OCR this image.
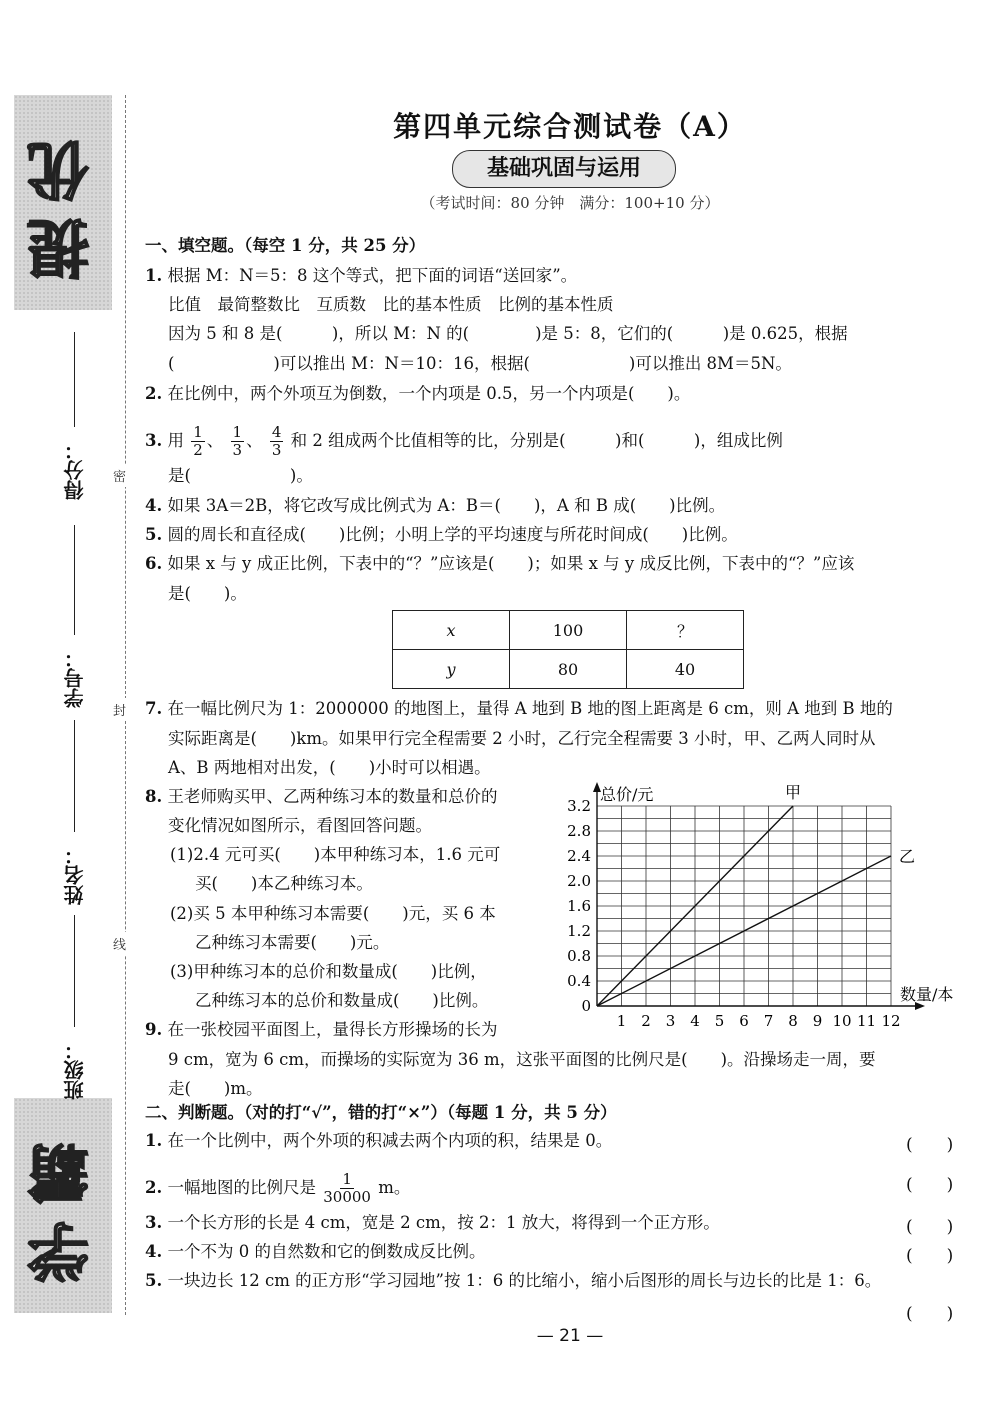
提优
学霸
密
封
线
得分：
学号：
姓名：
班级：
第四单元综合测试卷（A）
基础巩固与运用
（考试时间：80 分钟　满分：100+10 分）
一、填空题。（每空 1 分，共 25 分）
1. 根据 M：N＝5：8 这个等式，把下面的词语“送回家”。
比值　最简整数比　互质数　比的基本性质　比例的基本性质
因为 5 和 8 是(　　　)，所以 M：N 的(　　　　)是 5：8，它们的(　　　)是 0.625，根据
(　　　　　　)可以推出 M：N＝10：16，根据(　　　　　　)可以推出 8M＝5N。
2. 在比例中，两个外项互为倒数，一个内项是 0.5，另一个内项是(　　)。
3. 用 $\frac{1}{2}$ 、 $\frac{1}{3}$ 、 $\frac{4}{3}$ 和 2 组成两个比值相等的比，分别是(　　　)和(　　　)，组成比例
是(　　　　　　)。
4. 如果 3A＝2B，将它改写成比例式为 A：B＝(　　)，A 和 B 成(　　)比例。
5. 圆的周长和直径成(　　)比例；小明上学的平均速度与所花时间成(　　)比例。
6. 如果 x 与 y 成正比例，下表中的“？”应该是(　　)；如果 x 与 y 成反比例，下表中的“？”应该
是(　　)。
x	100	？
y	80	40
7. 在一幅比例尺为 1：2000000 的地图上，量得 A 地到 B 地的图上距离是 6 cm，则 A 地到 B 地的
实际距离是(　　)km。如果甲行完全程需要 2 小时，乙行完全程需要 3 小时，甲、乙两人同时从
A、B 两地相对出发，(　　)小时可以相遇。
8. 王老师购买甲、乙两种练习本的数量和总价的
变化情况如图所示，看图回答问题。
(1)2.4 元可买(　　)本甲种练习本，1.6 元可
买(　　)本乙种练习本。
(2)买 5 本甲种练习本需要(　　)元，买 6 本
乙种练习本需要(　　)元。
(3)甲种练习本的总价和数量成(　　)比例，
乙种练习本的总价和数量成(　　)比例。
9. 在一张校园平面图上，量得长方形操场的长为
9 cm，宽为 6 cm，而操场的实际宽为 36 m，这张平面图的比例尺是(　　)。沿操场走一周，要
走(　　)m。
1 2 3 4 5 6 7 8 9 10 11 12
0
0.4
0.8
1.2
1.6
2.0
2.4
2.8
3.2
甲
乙
总价/元
数量/本
二、判断题。（对的打“√”，错的打“×”）（每题 1 分，共 5 分）
1. 在一个比例中，两个外项的积减去两个内项的积，结果是 0。	(　　)
2. 一幅地图的比例尺是 $\frac{1}{30000}$ m。	(　　)
3. 一个长方形的长是 4 cm，宽是 2 cm，按 2：1 放大，将得到一个正方形。	(　　)
4. 一个不为 0 的自然数和它的倒数成反比例。	(　　)
5. 一块边长 12 cm 的正方形“学习园地”按 1：6 的比缩小，缩小后图形的周长与边长的比是 1：6。
(　　)
— 21 —
